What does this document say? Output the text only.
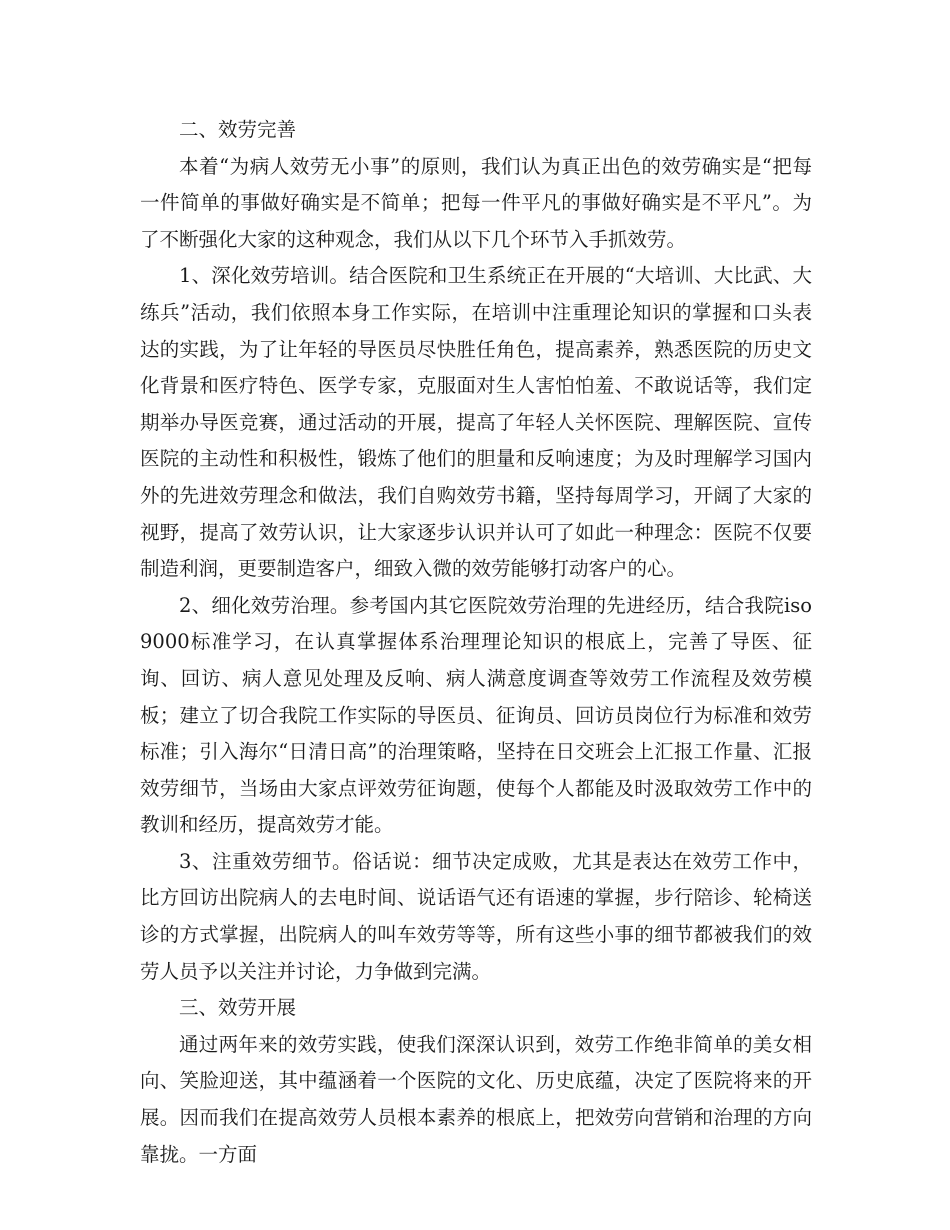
二、效劳完善

本着“为病人效劳无小事”的原则，我们认为真正出色的效劳确实是“把每一件简单的事做好确实是不简单；把每一件平凡的事做好确实是不平凡”。为了不断强化大家的这种观念，我们从以下几个环节入手抓效劳。

1、深化效劳培训。结合医院和卫生系统正在开展的“大培训、大比武、大练兵”活动，我们依照本身工作实际，在培训中注重理论知识的掌握和口头表达的实践，为了让年轻的导医员尽快胜任角色，提高素养，熟悉医院的历史文化背景和医疗特色、医学专家，克服面对生人害怕怕羞、不敢说话等，我们定期举办导医竞赛，通过活动的开展，提高了年轻人关怀医院、理解医院、宣传医院的主动性和积极性，锻炼了他们的胆量和反响速度；为及时理解学习国内外的先进效劳理念和做法，我们自购效劳书籍，坚持每周学习，开阔了大家的视野，提高了效劳认识，让大家逐步认识并认可了如此一种理念：医院不仅要制造利润，更要制造客户，细致入微的效劳能够打动客户的心。

2、细化效劳治理。参考国内其它医院效劳治理的先进经历，结合我院iso9000标准学习，在认真掌握体系治理理论知识的根底上，完善了导医、征询、回访、病人意见处理及反响、病人满意度调查等效劳工作流程及效劳模板；建立了切合我院工作实际的导医员、征询员、回访员岗位行为标准和效劳标准；引入海尔“日清日高”的治理策略，坚持在日交班会上汇报工作量、汇报效劳细节，当场由大家点评效劳征询题，使每个人都能及时汲取效劳工作中的教训和经历，提高效劳才能。

3、注重效劳细节。俗话说：细节决定成败，尤其是表达在效劳工作中，比方回访出院病人的去电时间、说话语气还有语速的掌握，步行陪诊、轮椅送诊的方式掌握，出院病人的叫车效劳等等，所有这些小事的细节都被我们的效劳人员予以关注并讨论，力争做到完满。

三、效劳开展

通过两年来的效劳实践，使我们深深认识到，效劳工作绝非简单的美女相向、笑脸迎送，其中蕴涵着一个医院的文化、历史底蕴，决定了医院将来的开展。因而我们在提高效劳人员根本素养的根底上，把效劳向营销和治理的方向靠拢。一方面
